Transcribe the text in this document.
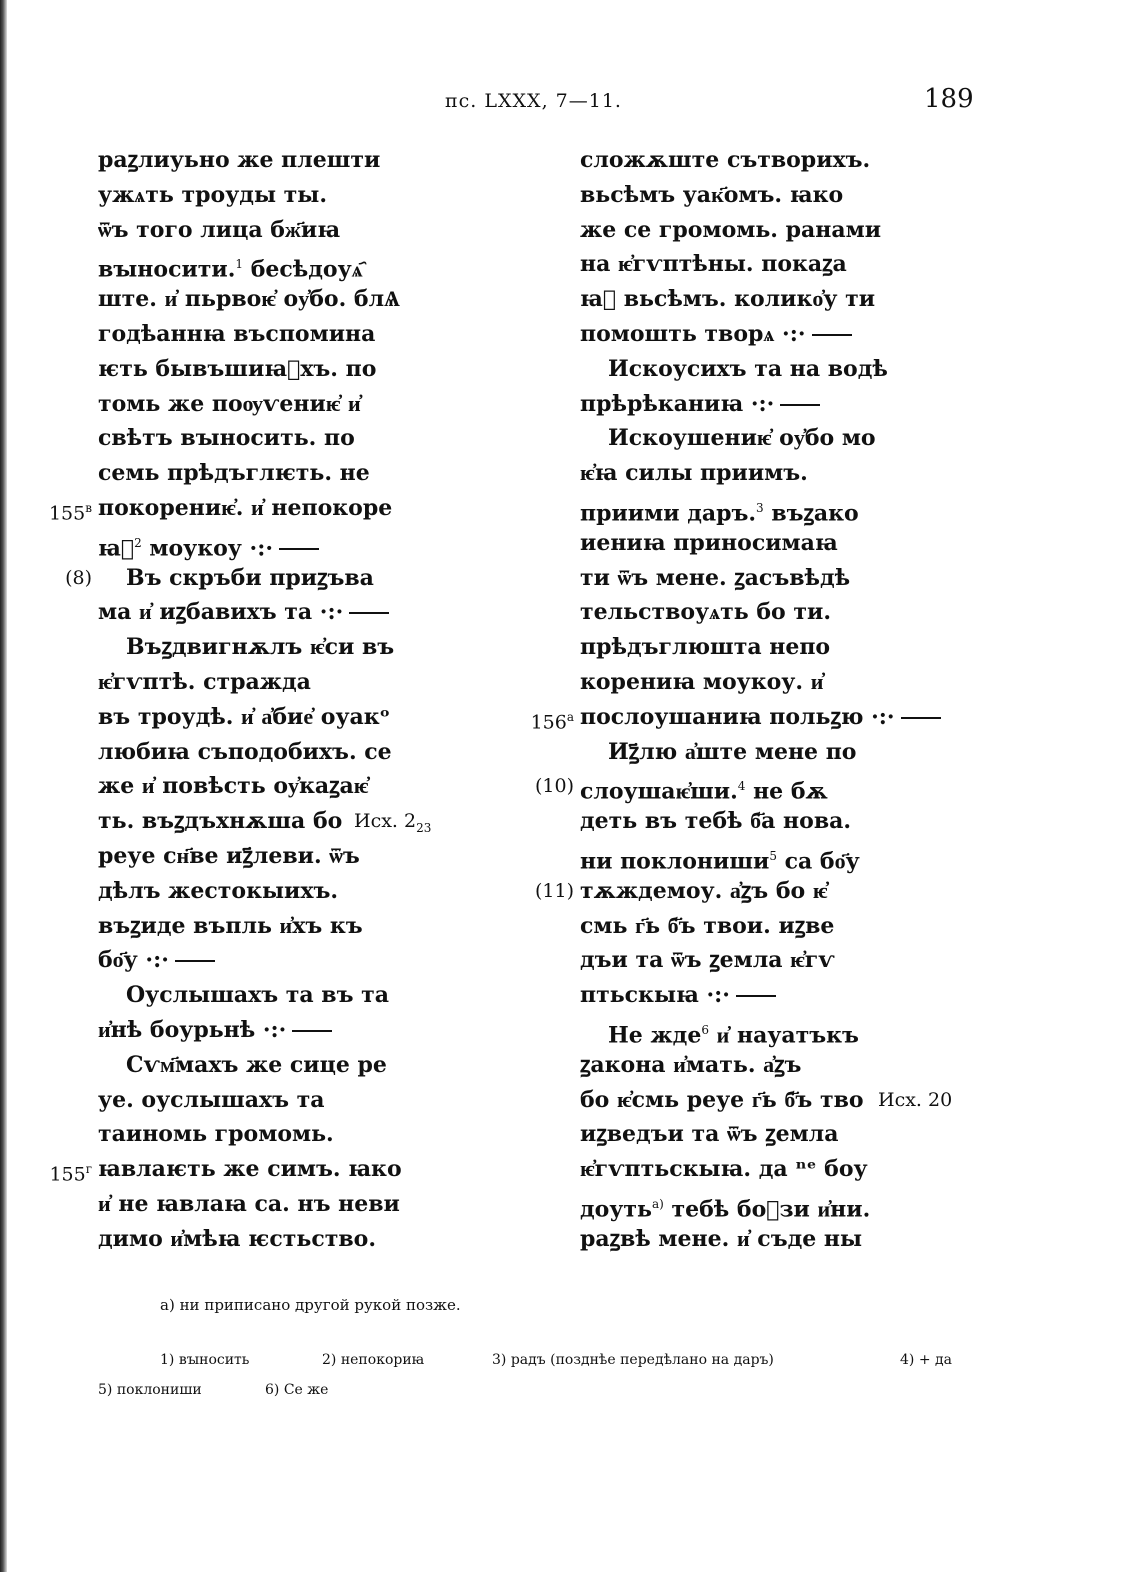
пс. LXXX, 7—11.	189
раꙁлиуьно же плешти
ужѧть троуды ты.
ѿъ того лица бж҃иꙗ
вꙑносити.$^1$ бесѣдоуѧ҄
ште. и҆ пьрвоѥ҆ оу҆бо. блѦ
годѣаннꙗ въспомина
ѥть бывъшиꙗ҆хъ. по
томь же поѹѵениѥ҆ и҆
свѣтъ вꙑносить. по
семь прѣдъглѥть. не
покорениѥ҆. и҆ непокоре
$155^в$
ꙗ҆$^2$ моукоу ·:·
Въ скръби приꙁъва
(8)
ма и҆ иꙁбавихъ та ·:·
Въꙁдвигнѫлъ ѥ҆си въ
ѥ҆гѵптѣ. стражда
въ троудѣ. и҆ а҆бие҆ оуакᵒ
любиꙗ съподобихъ. се
же и҆ повѣсть оу҆каꙁаѥ҆
ть. въꙁдъхнѫша бо Исх. $2_{23}$
реуе сн҃ве иꙁ҃леви. ѿъ
дѣлъ жестокыихъ.
въꙁиде въпль и҆хъ къ
бо҃у ·:·
Оуслышахъ та въ та
и҆нѣ боурьнѣ ·:·
Сѵм҃махъ же сице ре
уе. оуслышахъ та
таиномь громомь.
ꙗвлаѥть же симъ. ꙗко
$155^г$
и҆ не ꙗвлаꙗ са. нъ неви
димо и҆мѣꙗ ѥстьство.
сложѫште сътворихъ.
вьсѣмъ уак҃омъ. ꙗко
же се громомь. ранами
на ѥ҆гѵптѣны. покаꙁа
ꙗ҆ вьсѣмъ. колико҆у ти
помошть творѧ ·:·
Искоусихъ та на водѣ
прѣрѣканиꙗ ·:·
Искоушениѥ҆ оу҆бо мо
ѥ҆ꙗ силы приимъ.
приими даръ.$^3$ въꙁако
иениꙗ приносимаꙗ
ти ѿъ мене. ꙁасъвѣдѣ
тельствоуѧть бо ти.
прѣдъглюшта непо
корениꙗ моукоу. и҆
послоушаниꙗ польꙁю ·:·
$156^а$
Иꙁ҃лю а҆ште мене по
слоушаѥ҆ши.$^4$ не бѫ
(10)
деть въ тебѣ б҃а нова.
ни поклониши$^5$ са бо҃у
тѫждемоу. а҆ꙁъ бо ѥ҆
(11)
смь г҃ь б҃ъ твои. иꙁве
дъи та ѿъ ꙁемла ѥ҆гѵ
птьскыꙗ ·:·
Не жде$^6$ и҆ науатъкъ
ꙁакона и҆мать. а҆ꙁъ
бо ѥ҆смь реуе г҃ь б҃ъ тво Исх. 20
иꙁведъи та ѿъ ꙁемла
ѥ҆гѵптьскыꙗ. да ⁿᵉ боу
доуть$^{a)}$ тебѣ бо꙼зи и҆ни.
раꙁвѣ мене. и҆ съде ны
а) ни приписано другой рукой позже.
1) вꙑносить	2) непокориꙗ	3) радъ (позднѣе передѣлано на даръ)	4) + да
5) поклониши	6) Се же
